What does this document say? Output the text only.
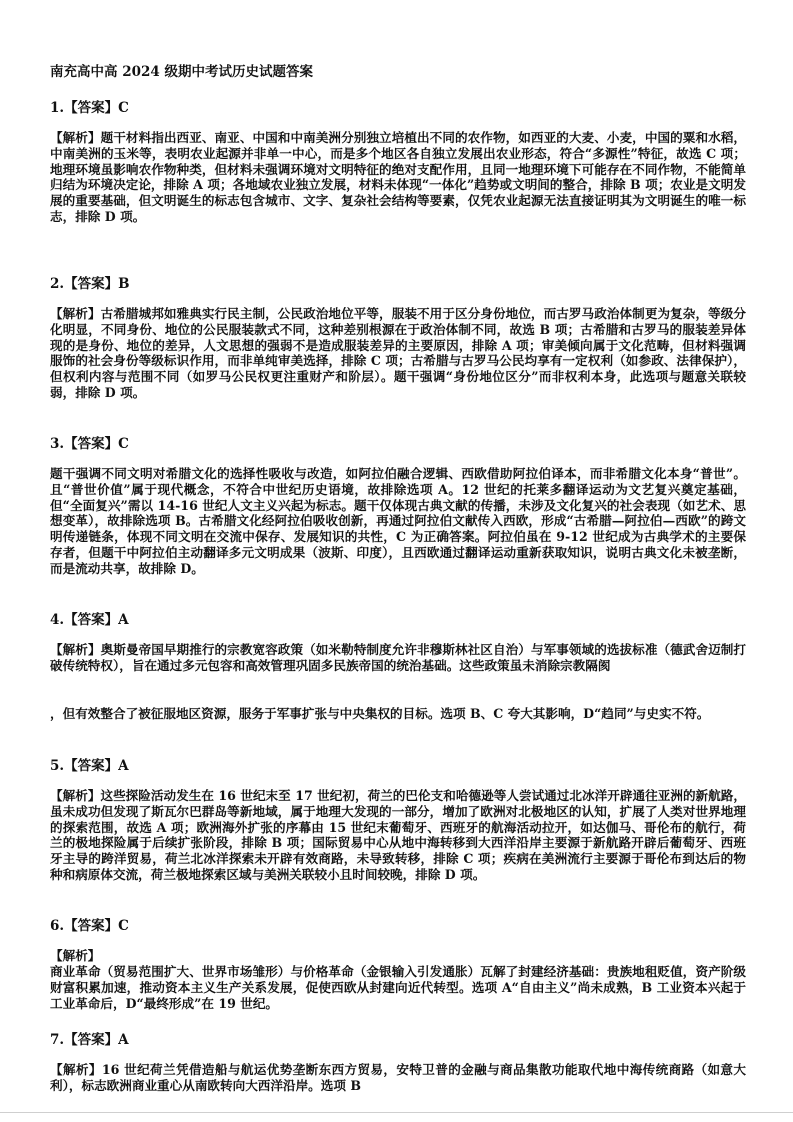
南充高中高 2024 级期中考试历史试题答案
1.【答案】C
【解析】题干材料指出西亚、南亚、中国和中南美洲分别独立培植出不同的农作物，如西亚的大麦、小麦，中国的粟和水稻，中南美洲的玉米等，表明农业起源并非单一中心，而是多个地区各自独立发展出农业形态，符合“多源性”特征，故选 C 项；地理环境虽影响农作物种类，但材料未强调环境对文明特征的绝对支配作用，且同一地理环境下可能存在不同作物，不能简单归结为环境决定论，排除 A 项；各地域农业独立发展，材料未体现“一体化”趋势或文明间的整合，排除 B 项；农业是文明发展的重要基础，但文明诞生的标志包含城市、文字、复杂社会结构等要素，仅凭农业起源无法直接证明其为文明诞生的唯一标志，排除 D 项。
2.【答案】B
【解析】古希腊城邦如雅典实行民主制，公民政治地位平等，服装不用于区分身份地位，而古罗马政治体制更为复杂，等级分化明显，不同身份、地位的公民服装款式不同，这种差别根源在于政治体制不同，故选 B 项；古希腊和古罗马的服装差异体现的是身份、地位的差异，人文思想的强弱不是造成服装差异的主要原因，排除 A 项；审美倾向属于文化范畴，但材料强调服饰的社会身份等级标识作用，而非单纯审美选择，排除 C 项；古希腊与古罗马公民均享有一定权利（如参政、法律保护），但权利内容与范围不同（如罗马公民权更注重财产和阶层）。题干强调“身份地位区分”而非权利本身，此选项与题意关联较弱，排除 D 项。
3.【答案】C
题干强调不同文明对希腊文化的选择性吸收与改造，如阿拉伯融合逻辑、西欧借助阿拉伯译本，而非希腊文化本身“普世”。且“普世价值”属于现代概念，不符合中世纪历史语境，故排除选项 A。12 世纪的托莱多翻译运动为文艺复兴奠定基础，但“全面复兴”需以 14-16 世纪人文主义兴起为标志。题干仅体现古典文献的传播，未涉及文化复兴的社会表现（如艺术、思想变革），故排除选项 B。古希腊文化经阿拉伯吸收创新，再通过阿拉伯文献传入西欧，形成“古希腊—阿拉伯—西欧”的跨文明传递链条，体现不同文明在交流中保存、发展知识的共性，C 为正确答案。阿拉伯虽在 9-12 世纪成为古典学术的主要保存者，但题干中阿拉伯主动翻译多元文明成果（波斯、印度），且西欧通过翻译运动重新获取知识，说明古典文化未被垄断，而是流动共享，故排除 D。
4.【答案】A
【解析】奥斯曼帝国早期推行的宗教宽容政策（如米勒特制度允许非穆斯林社区自治）与军事领域的选拔标准（德武舍迈制打破传统特权），旨在通过多元包容和高效管理巩固多民族帝国的统治基础。这些政策虽未消除宗教隔阂
，但有效整合了被征服地区资源，服务于军事扩张与中央集权的目标。选项 B、C 夸大其影响，D“趋同”与史实不符。
5.【答案】A
【解析】这些探险活动发生在 16 世纪末至 17 世纪初，荷兰的巴伦支和哈德逊等人尝试通过北冰洋开辟通往亚洲的新航路，虽未成功但发现了斯瓦尔巴群岛等新地域，属于地理大发现的一部分，增加了欧洲对北极地区的认知，扩展了人类对世界地理的探索范围，故选 A 项；欧洲海外扩张的序幕由 15 世纪末葡萄牙、西班牙的航海活动拉开，如达伽马、哥伦布的航行，荷兰的极地探险属于后续扩张阶段，排除 B 项；国际贸易中心从地中海转移到大西洋沿岸主要源于新航路开辟后葡萄牙、西班牙主导的跨洋贸易，荷兰北冰洋探索未开辟有效商路，未导致转移，排除 C 项；疾病在美洲流行主要源于哥伦布到达后的物种和病原体交流，荷兰极地探索区域与美洲关联较小且时间较晚，排除 D 项。
6.【答案】C
【解析】
商业革命（贸易范围扩大、世界市场雏形）与价格革命（金银输入引发通胀）瓦解了封建经济基础：贵族地租贬值，资产阶级财富积累加速，推动资本主义生产关系发展，促使西欧从封建向近代转型。选项 A“自由主义”尚未成熟，B 工业资本兴起于工业革命后，D“最终形成”在 19 世纪。
7.【答案】A
【解析】16 世纪荷兰凭借造船与航运优势垄断东西方贸易，安特卫普的金融与商品集散功能取代地中海传统商路（如意大利），标志欧洲商业重心从南欧转向大西洋沿岸。选项 B
